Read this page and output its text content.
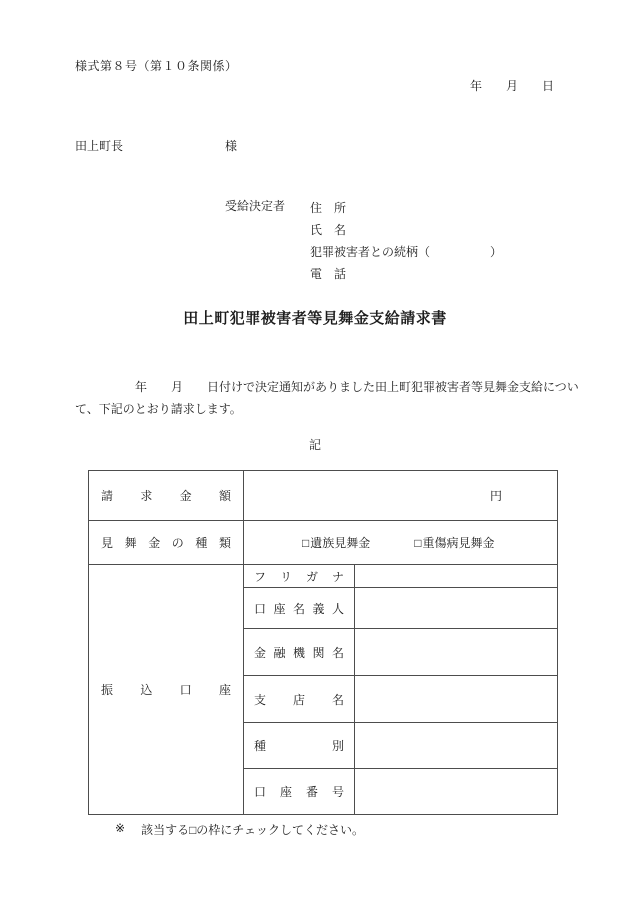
様式第８号（第１０条関係）
年　　月　　日
田上町長	様
受給決定者 住　所
氏　名
犯罪被害者との続柄（　　　　　）
電　話
田上町犯罪被害者等見舞金支給請求書
　　　　　年　　月　　日付けで決定通知がありました田上町犯罪被害者等見舞金支給につい
て、下記のとおり請求します。
記
請 求 金 額	円	

見 舞 金 の 種 類	□遺族見舞金	□重傷病見舞金

振 込 口 座	フ リ ガ ナ	

	口 座 名 義 人	

	金 融 機 関 名	

	支 店 名	

	種 別	

	口 座 番 号	

※ 該当する□の枠にチェックしてください。
